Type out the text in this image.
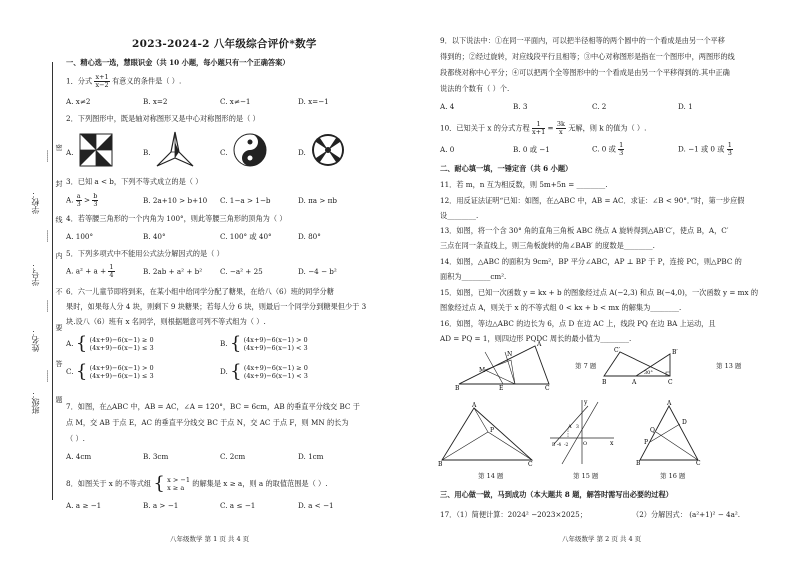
2023-2024-2 八年级综合评价*数学
学校：
学号：
姓名：
班级：
------
------
------
------
密
封
线
内
不
要
答
题
一、精心选一选，慧眼识金（共 10 小题，每小题只有一个正确答案）
1．分式 $\frac{x+1}{x-2}$ 有意义的条件是（ ）.
A. x≠2	B. x=2	C. x≠−1	D. x=−1
2．下列图形中，既是轴对称图形又是中心对称图形的是（ ）
A.	B.	C.	D.
3．已知 a < b，下列不等式成立的是（ ）
A. $\frac{a}{3} > \frac{b}{3}$	B. 2a+10 > b+10 C. 1−a > 1−b	D. πa > πb
4．若等腰三角形的一个内角为 100°，则此等腰三角形的顶角为（ ）
A. 100°	B. 40°	C. 100° 或 40°	D. 80°
5．下列多项式中不能用公式法分解因式的是（ ）
A. $a^2 + a + \frac{1}{4}$	B. 2ab + a² + b² C. −a² + 25	D. −4 − b²
6．六一儿童节即将到来，在某小组中给同学分配了糖果，在给八（6）班的同学分糖
果时，如果每人分 4 块，则剩下 9 块糖果；若每人分 6 块，则最后一个同学分到糖果但少于 3
块.设八（6）班有 x 名同学，则根据题意可列不等式组为（ ）.
A. { (4x+9)−6(x−1) ≥ 0
(4x+9)−6(x−1) ≤ 3	B. { (4x+9)−6(x−1) > 0
(4x+9)−6(x−1) < 3
C. { (4x+9)−6(x−1) > 0
(4x+9)−6(x−1) ≤ 3	D. { (4x+9)−6(x−1) ≥ 0
(4x+9)−6(x−1) < 3
7．如图，在△ABC 中，AB = AC，∠A = 120°，BC = 6cm，AB 的垂直平分线交 BC 于
点 M，交 AB 于点 E，AC 的垂直平分线交 BC 于点 N，交 AC 于点 F，则 MN 的长为
（ ）.
A. 4cm	B. 3cm	C. 2cm	D. 1cm
8．如图关于 x 的不等式组 { x > −1
x ≥ a	的解集是 x ≥ a，则 a 的取值范围是（ ）.
A. a ≥ −1	B. a > −1	C. a ≤ −1	D. a < −1
八年级数学 第 1 页 共 4 页
9．以下说法中：①在同一平面内，可以把半径相等的两个圆中的一个看成是由另一个平移
得到的；②经过旋转，对应线段平行且相等；③中心对称图形是指在一个图形中，两图形的线
段都绕对称中心平分；④可以把两个全等图形中的一个看成是由另一个平移得到的.其中正确
说法的个数有（ ）个.
A. 4	B. 3	C. 2	D. 1
10．已知关于 x 的分式方程 $\frac{1}{x+1} = \frac{3k}{x}$ 无解，则 k 的值为（ ）.
A. 0	B. 0 或 −1	C. 0 或 $\frac{1}{3}$	D. −1 或 0 或 $\frac{1}{3}$
二、耐心填一填，一锤定音（共 6 小题）
11．若 m，n 互为相反数，则 5m+5n = ________.
12．用反证法证明“已知：如图，在△ABC 中，AB = AC．求证：∠B < 90°．”时，第一步应假
设________.
13．如图，将一个含 30° 角的直角三角板 ABC 绕点 A 旋转得到△AB′C′，使点 B，A，C′
三点在同一条直线上，则三角板旋转的角∠BAB′ 的度数是________.
14．如图，△ABC 的面积为 9cm²，BP 平分∠ABC，AP ⊥ BP 于 P，连接 PC，则△PBC 的
面积为________cm².
15．如图，已知一次函数 y = kx + b 的图象经过点 A(−2,3) 和点 B(−4,0)，一次函数 y = mx 的
图象经过点 A，则关于 x 的不等式组 0 < kx + b < mx 的解集为________.
16．如图，等边△ABC 的边长为 6，点 D 在边 AC 上，线段 PQ 在边 BA 上运动，且
AD = PQ = 1，则四边形 PQDC 周长的最小值为________.
B	C
A
M
N
E
第 7 题
B	A	C
B′
C′
30°
第 13 题
B	C
A
P
第 14 题
x
y
O
A
B -4 -2
3
第 15 题
B	C
A
P
Q
D
第 16 题
三、用心做一做，马到成功（本大题共 8 题，解答时需写出必要的过程）
17．（1）简便计算：2024² −2023×2025；	（2）分解因式： (a²+1)² − 4a².
八年级数学 第 2 页 共 4 页
